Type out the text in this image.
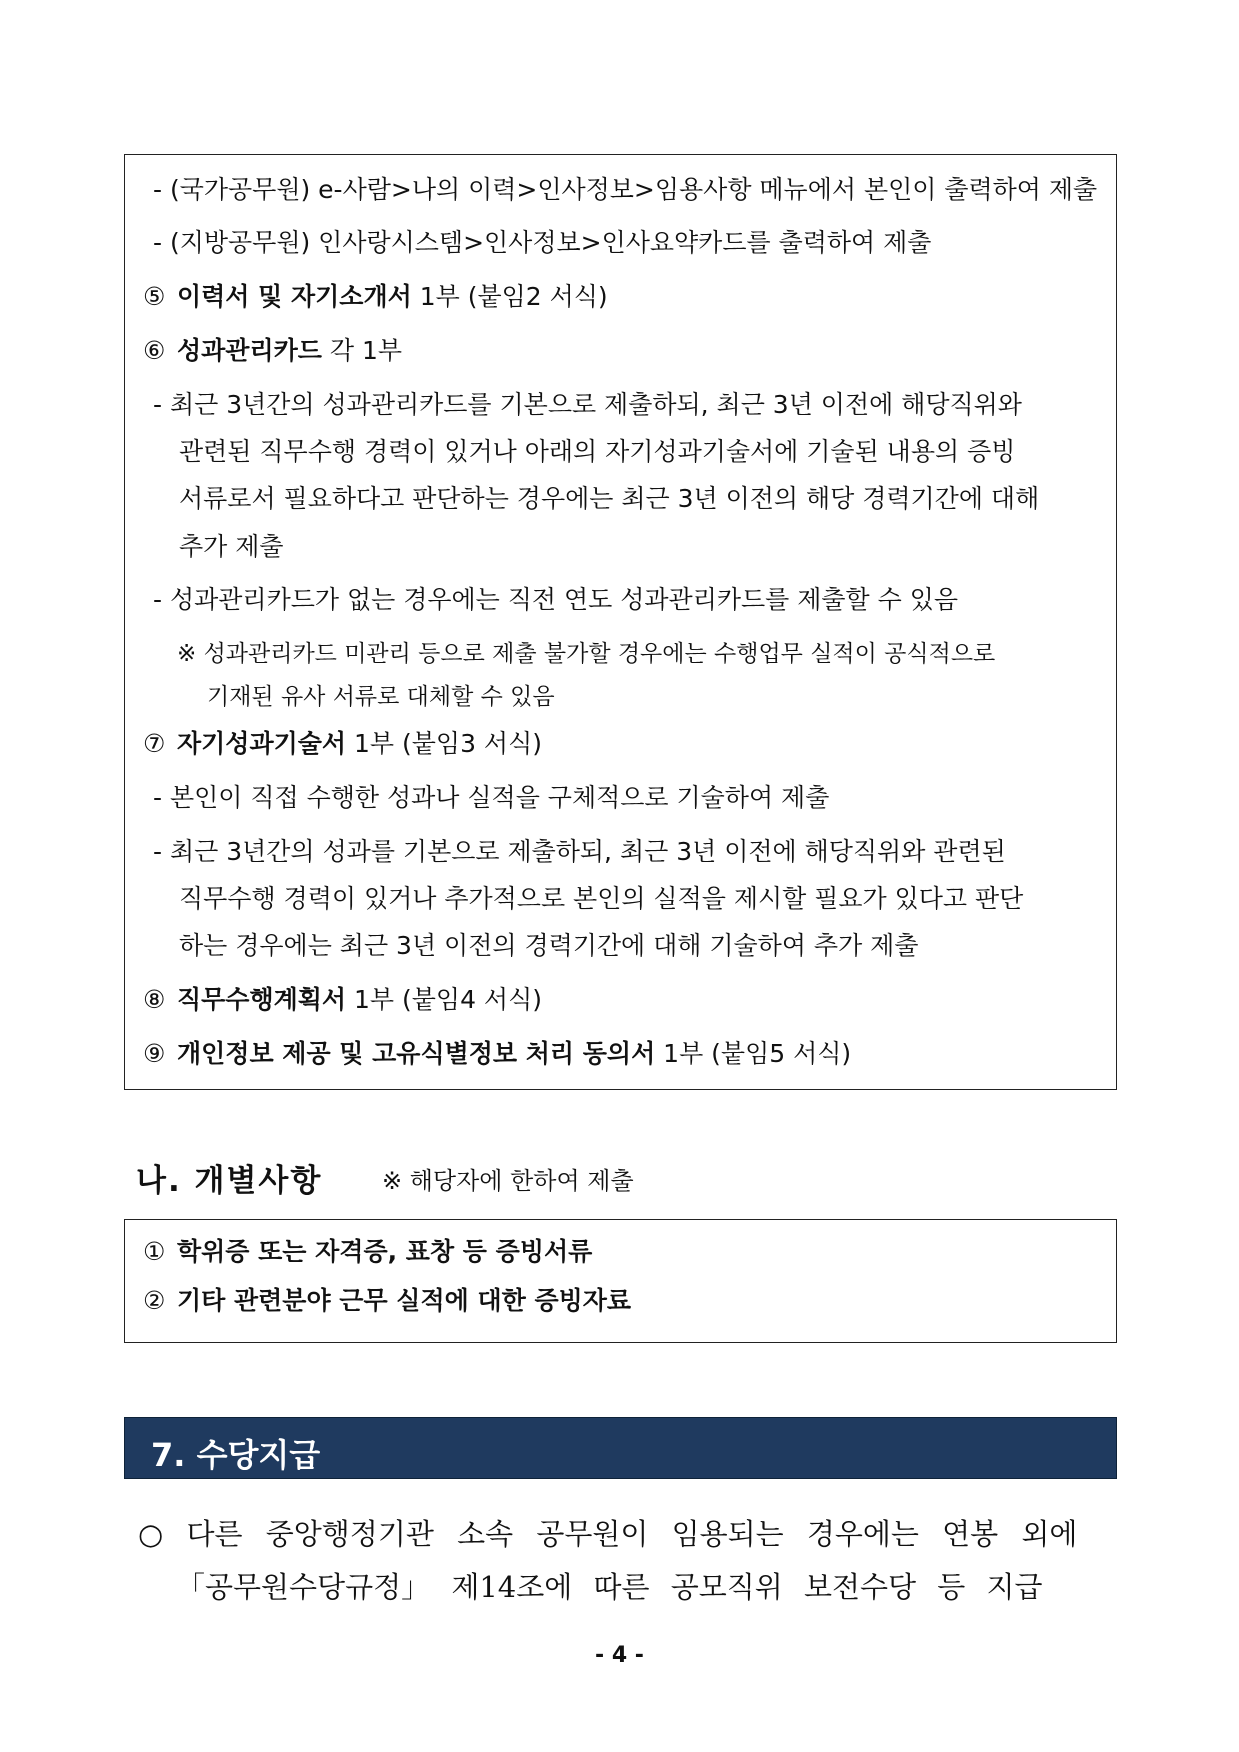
- (국가공무원) e-사람>나의 이력>인사정보>임용사항 메뉴에서 본인이 출력하여 제출
- (지방공무원) 인사랑시스템>인사정보>인사요약카드를 출력하여 제출
⑤ 이력서 및 자기소개서 1부 (붙임2 서식)
⑥ 성과관리카드 각 1부
- 최근 3년간의 성과관리카드를 기본으로 제출하되, 최근 3년 이전에 해당직위와
관련된 직무수행 경력이 있거나 아래의 자기성과기술서에 기술된 내용의 증빙
서류로서 필요하다고 판단하는 경우에는 최근 3년 이전의 해당 경력기간에 대해
추가 제출
- 성과관리카드가 없는 경우에는 직전 연도 성과관리카드를 제출할 수 있음
※ 성과관리카드 미관리 등으로 제출 불가할 경우에는 수행업무 실적이 공식적으로
기재된 유사 서류로 대체할 수 있음
⑦ 자기성과기술서 1부 (붙임3 서식)
- 본인이 직접 수행한 성과나 실적을 구체적으로 기술하여 제출
- 최근 3년간의 성과를 기본으로 제출하되, 최근 3년 이전에 해당직위와 관련된
직무수행 경력이 있거나 추가적으로 본인의 실적을 제시할 필요가 있다고 판단
하는 경우에는 최근 3년 이전의 경력기간에 대해 기술하여 추가 제출
⑧ 직무수행계획서 1부 (붙임4 서식)
⑨ 개인정보 제공 및 고유식별정보 처리 동의서 1부 (붙임5 서식)
나. 개별사항 ※ 해당자에 한하여 제출
① 학위증 또는 자격증, 표창 등 증빙서류
② 기타 관련분야 근무 실적에 대한 증빙자료
7. 수당지급
○ 다른 중앙행정기관 소속 공무원이 임용되는 경우에는 연봉 외에
「공무원수당규정」 제14조에 따른 공모직위 보전수당 등 지급
- 4 -
